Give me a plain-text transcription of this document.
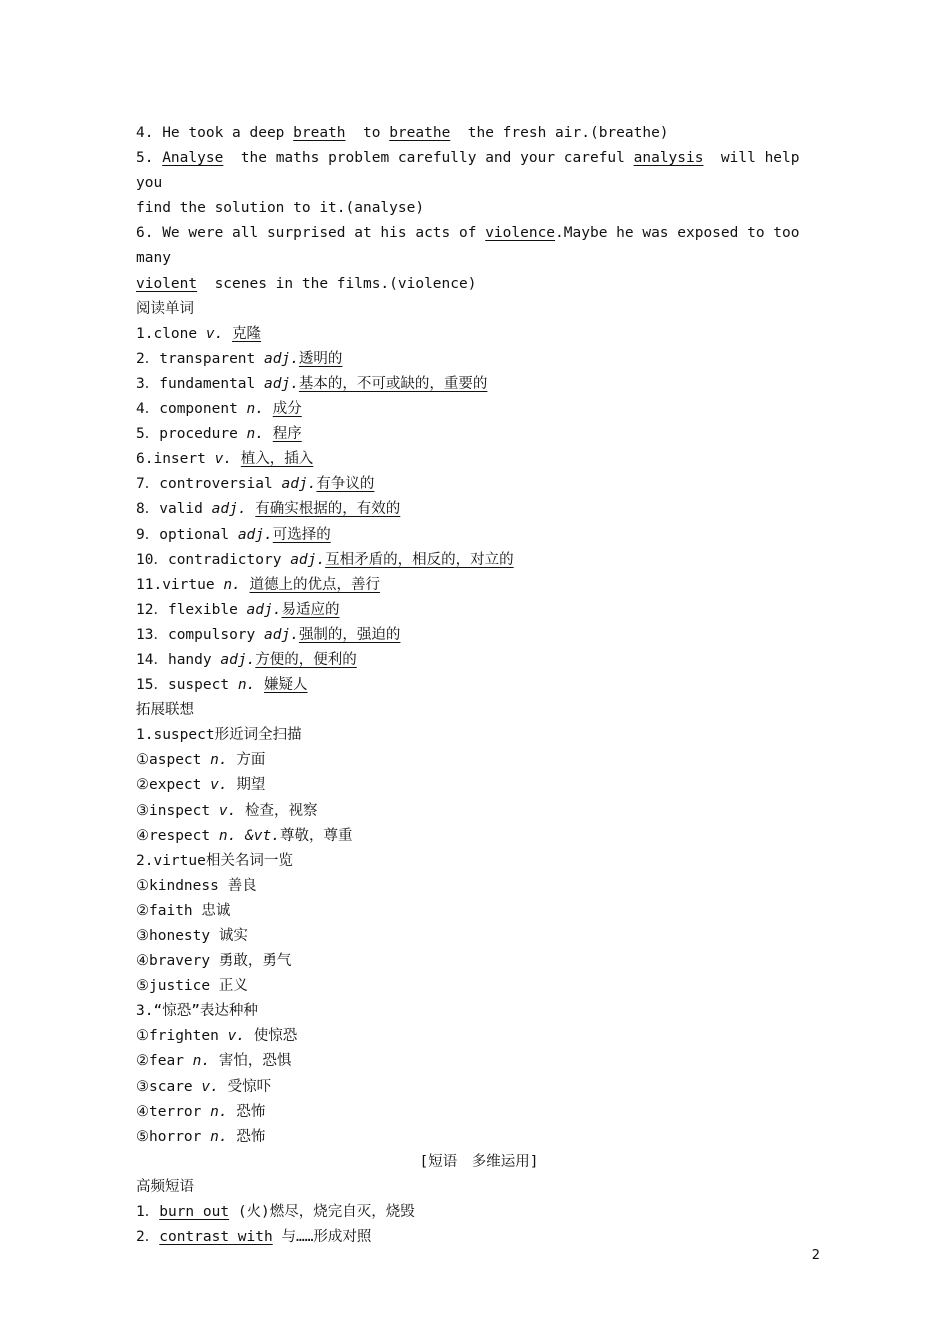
4. He took a deep breath  to breathe  the fresh air.(breathe)
5. Analyse  the maths problem carefully and your careful analysis  will help you
find the solution to it.(analyse)
6. We were all surprised at his acts of violence.Maybe he was exposed to too many
violent  scenes in the films.(violence)
阅读单词
1.clone v. 克隆
2．transparent adj.透明的
3．fundamental adj.基本的，不可或缺的，重要的
4．component n. 成分
5．procedure n. 程序
6.insert v. 植入，插入
7．controversial adj.有争议的
8．valid adj. 有确实根据的，有效的
9．optional adj.可选择的
10．contradictory adj.互相矛盾的，相反的，对立的
11.virtue n. 道德上的优点，善行
12．flexible adj.易适应的
13．compulsory adj.强制的，强迫的
14．handy adj.方便的，便利的
15．suspect n. 嫌疑人
拓展联想
1.suspect形近词全扫描
①aspect n. 方面
②expect v. 期望
③inspect v. 检查，视察
④respect n. &vt.尊敬，尊重
2.virtue相关名词一览
①kindness 善良
②faith 忠诚
③honesty 诚实
④bravery 勇敢，勇气
⑤justice 正义
3.“惊恐”表达种种
①frighten v. 使惊恐
②fear n. 害怕，恐惧
③scare v. 受惊吓
④terror n. 恐怖
⑤horror n. 恐怖
[短语　多维运用]
高频短语
1．burn out (火)燃尽，烧完自灭，烧毁
2．contrast with 与……形成对照
2
